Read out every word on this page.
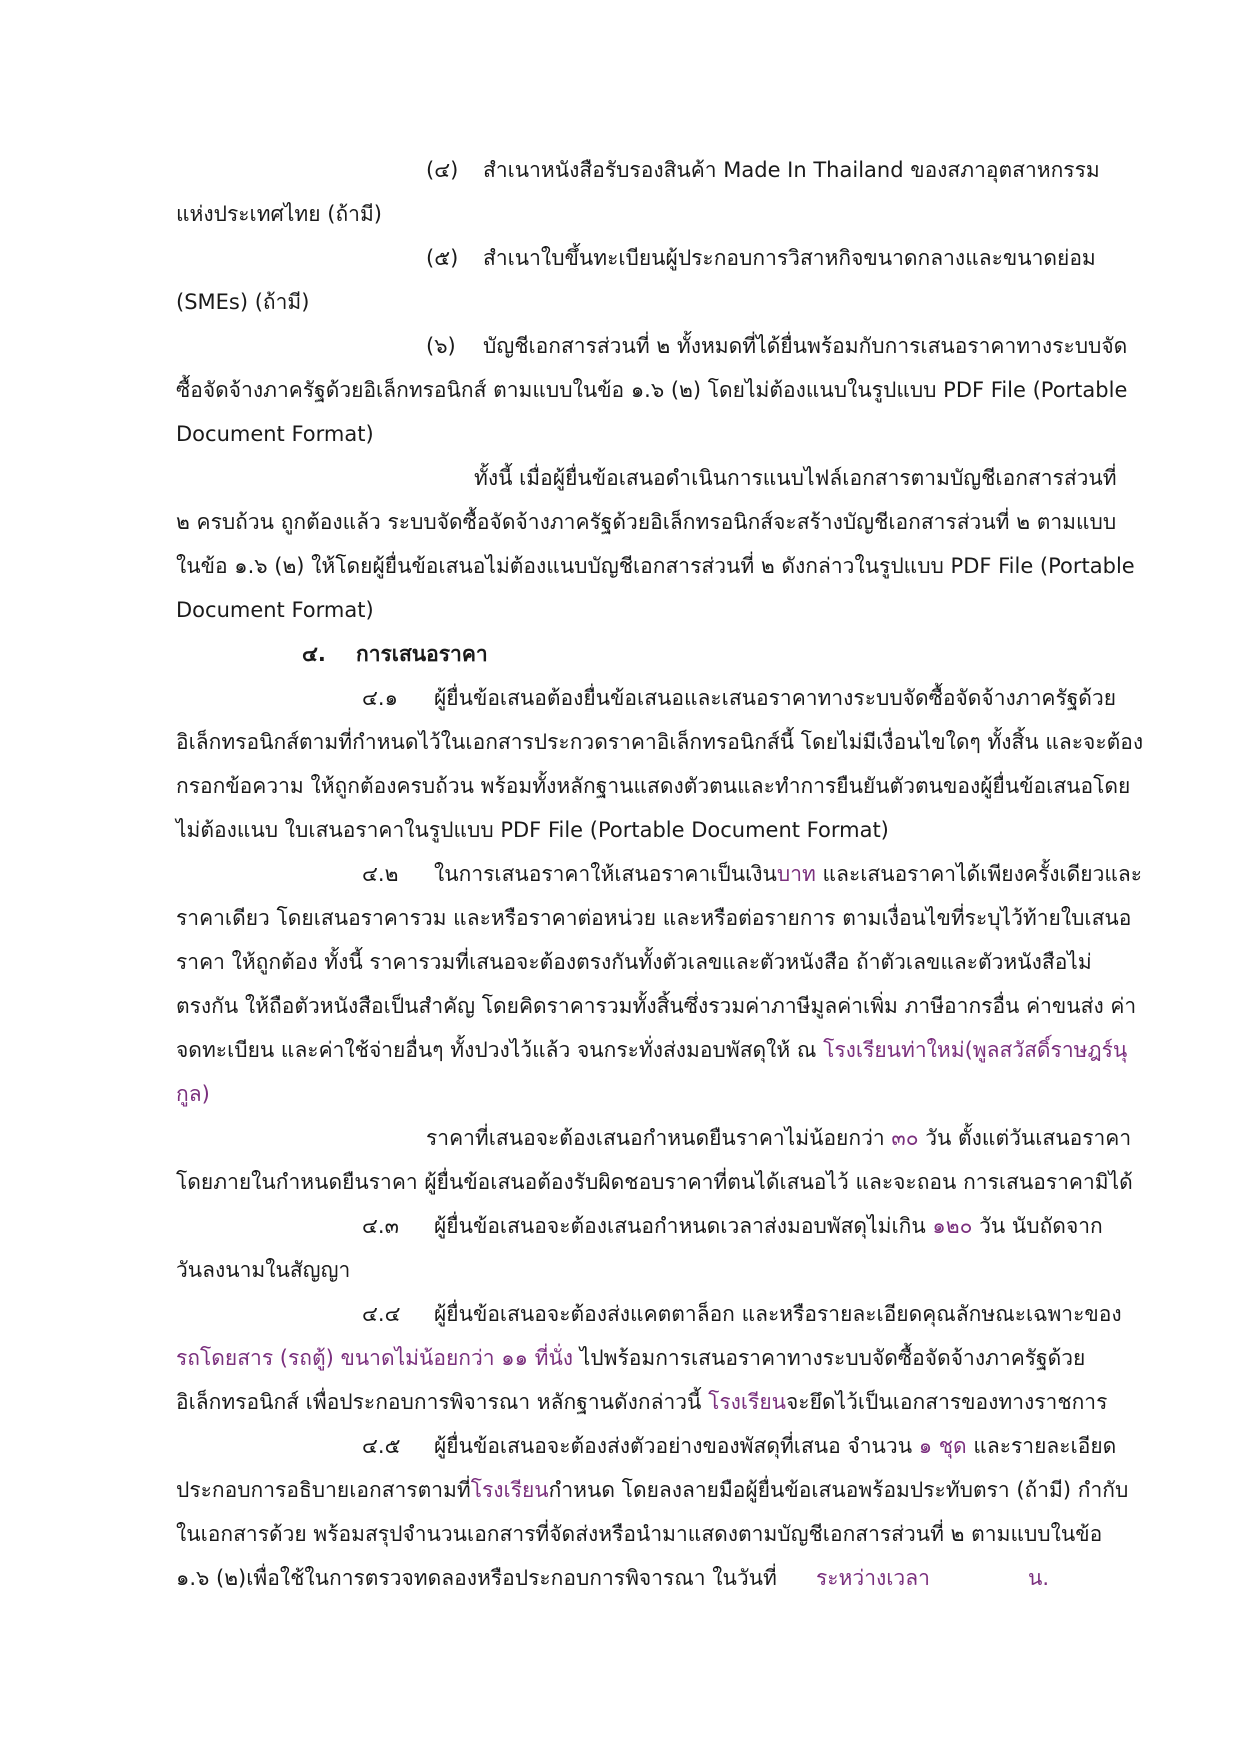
(๔) สำเนาหนังสือรับรองสินค้า Made In Thailand ของสภาอุตสาหกรรม
แห่งประเทศไทย (ถ้ามี)
(๕) สำเนาใบขึ้นทะเบียนผู้ประกอบการวิสาหกิจขนาดกลางและขนาดย่อม
(SMEs) (ถ้ามี)
(๖) บัญชีเอกสารส่วนที่ ๒ ทั้งหมดที่ได้ยื่นพร้อมกับการเสนอราคาทางระบบจัด
ซื้อจัดจ้างภาครัฐด้วยอิเล็กทรอนิกส์ ตามแบบในข้อ ๑.๖ (๒) โดยไม่ต้องแนบในรูปแบบ PDF File (Portable
Document Format)
ทั้งนี้ เมื่อผู้ยื่นข้อเสนอดำเนินการแนบไฟล์เอกสารตามบัญชีเอกสารส่วนที่
๒ ครบถ้วน ถูกต้องแล้ว ระบบจัดซื้อจัดจ้างภาครัฐด้วยอิเล็กทรอนิกส์จะสร้างบัญชีเอกสารส่วนที่ ๒ ตามแบบ
ในข้อ ๑.๖ (๒) ให้โดยผู้ยื่นข้อเสนอไม่ต้องแนบบัญชีเอกสารส่วนที่ ๒ ดังกล่าวในรูปแบบ PDF File (Portable
Document Format)
๔. การเสนอราคา
๔.๑ ผู้ยื่นข้อเสนอต้องยื่นข้อเสนอและเสนอราคาทางระบบจัดซื้อจัดจ้างภาครัฐด้วย
อิเล็กทรอนิกส์ตามที่กำหนดไว้ในเอกสารประกวดราคาอิเล็กทรอนิกส์นี้ โดยไม่มีเงื่อนไขใดๆ ทั้งสิ้น และจะต้อง
กรอกข้อความ ให้ถูกต้องครบถ้วน พร้อมทั้งหลักฐานแสดงตัวตนและทำการยืนยันตัวตนของผู้ยื่นข้อเสนอโดย
ไม่ต้องแนบ ใบเสนอราคาในรูปแบบ PDF File (Portable Document Format)
๔.๒ ในการเสนอราคาให้เสนอราคาเป็นเงินบาท และเสนอราคาได้เพียงครั้งเดียวและ
ราคาเดียว โดยเสนอราคารวม และหรือราคาต่อหน่วย และหรือต่อรายการ ตามเงื่อนไขที่ระบุไว้ท้ายใบเสนอ
ราคา ให้ถูกต้อง ทั้งนี้ ราคารวมที่เสนอจะต้องตรงกันทั้งตัวเลขและตัวหนังสือ ถ้าตัวเลขและตัวหนังสือไม่
ตรงกัน ให้ถือตัวหนังสือเป็นสำคัญ โดยคิดราคารวมทั้งสิ้นซึ่งรวมค่าภาษีมูลค่าเพิ่ม ภาษีอากรอื่น ค่าขนส่ง ค่า
จดทะเบียน และค่าใช้จ่ายอื่นๆ ทั้งปวงไว้แล้ว จนกระทั่งส่งมอบพัสดุให้ ณ โรงเรียนท่าใหม่(พูลสวัสดิ์ราษฎร์นุ
กูล)
ราคาที่เสนอจะต้องเสนอกำหนดยืนราคาไม่น้อยกว่า ๓๐ วัน ตั้งแต่วันเสนอราคา
โดยภายในกำหนดยืนราคา ผู้ยื่นข้อเสนอต้องรับผิดชอบราคาที่ตนได้เสนอไว้ และจะถอน การเสนอราคามิได้
๔.๓ ผู้ยื่นข้อเสนอจะต้องเสนอกำหนดเวลาส่งมอบพัสดุไม่เกิน ๑๒๐ วัน นับถัดจาก
วันลงนามในสัญญา
๔.๔ ผู้ยื่นข้อเสนอจะต้องส่งแคตตาล็อก และหรือรายละเอียดคุณลักษณะเฉพาะของ
รถโดยสาร (รถตู้) ขนาดไม่น้อยกว่า ๑๑ ที่นั่ง ไปพร้อมการเสนอราคาทางระบบจัดซื้อจัดจ้างภาครัฐด้วย
อิเล็กทรอนิกส์ เพื่อประกอบการพิจารณา หลักฐานดังกล่าวนี้ โรงเรียนจะยึดไว้เป็นเอกสารของทางราชการ
๔.๕ ผู้ยื่นข้อเสนอจะต้องส่งตัวอย่างของพัสดุที่เสนอ จำนวน ๑ ชุด และรายละเอียด
ประกอบการอธิบายเอกสารตามที่โรงเรียนกำหนด โดยลงลายมือผู้ยื่นข้อเสนอพร้อมประทับตรา (ถ้ามี) กำกับ
ในเอกสารด้วย พร้อมสรุปจำนวนเอกสารที่จัดส่งหรือนำมาแสดงตามบัญชีเอกสารส่วนที่ ๒ ตามแบบในข้อ
๑.๖ (๒)เพื่อใช้ในการตรวจทดลองหรือประกอบการพิจารณา ในวันที่ ระหว่างเวลา	น.
